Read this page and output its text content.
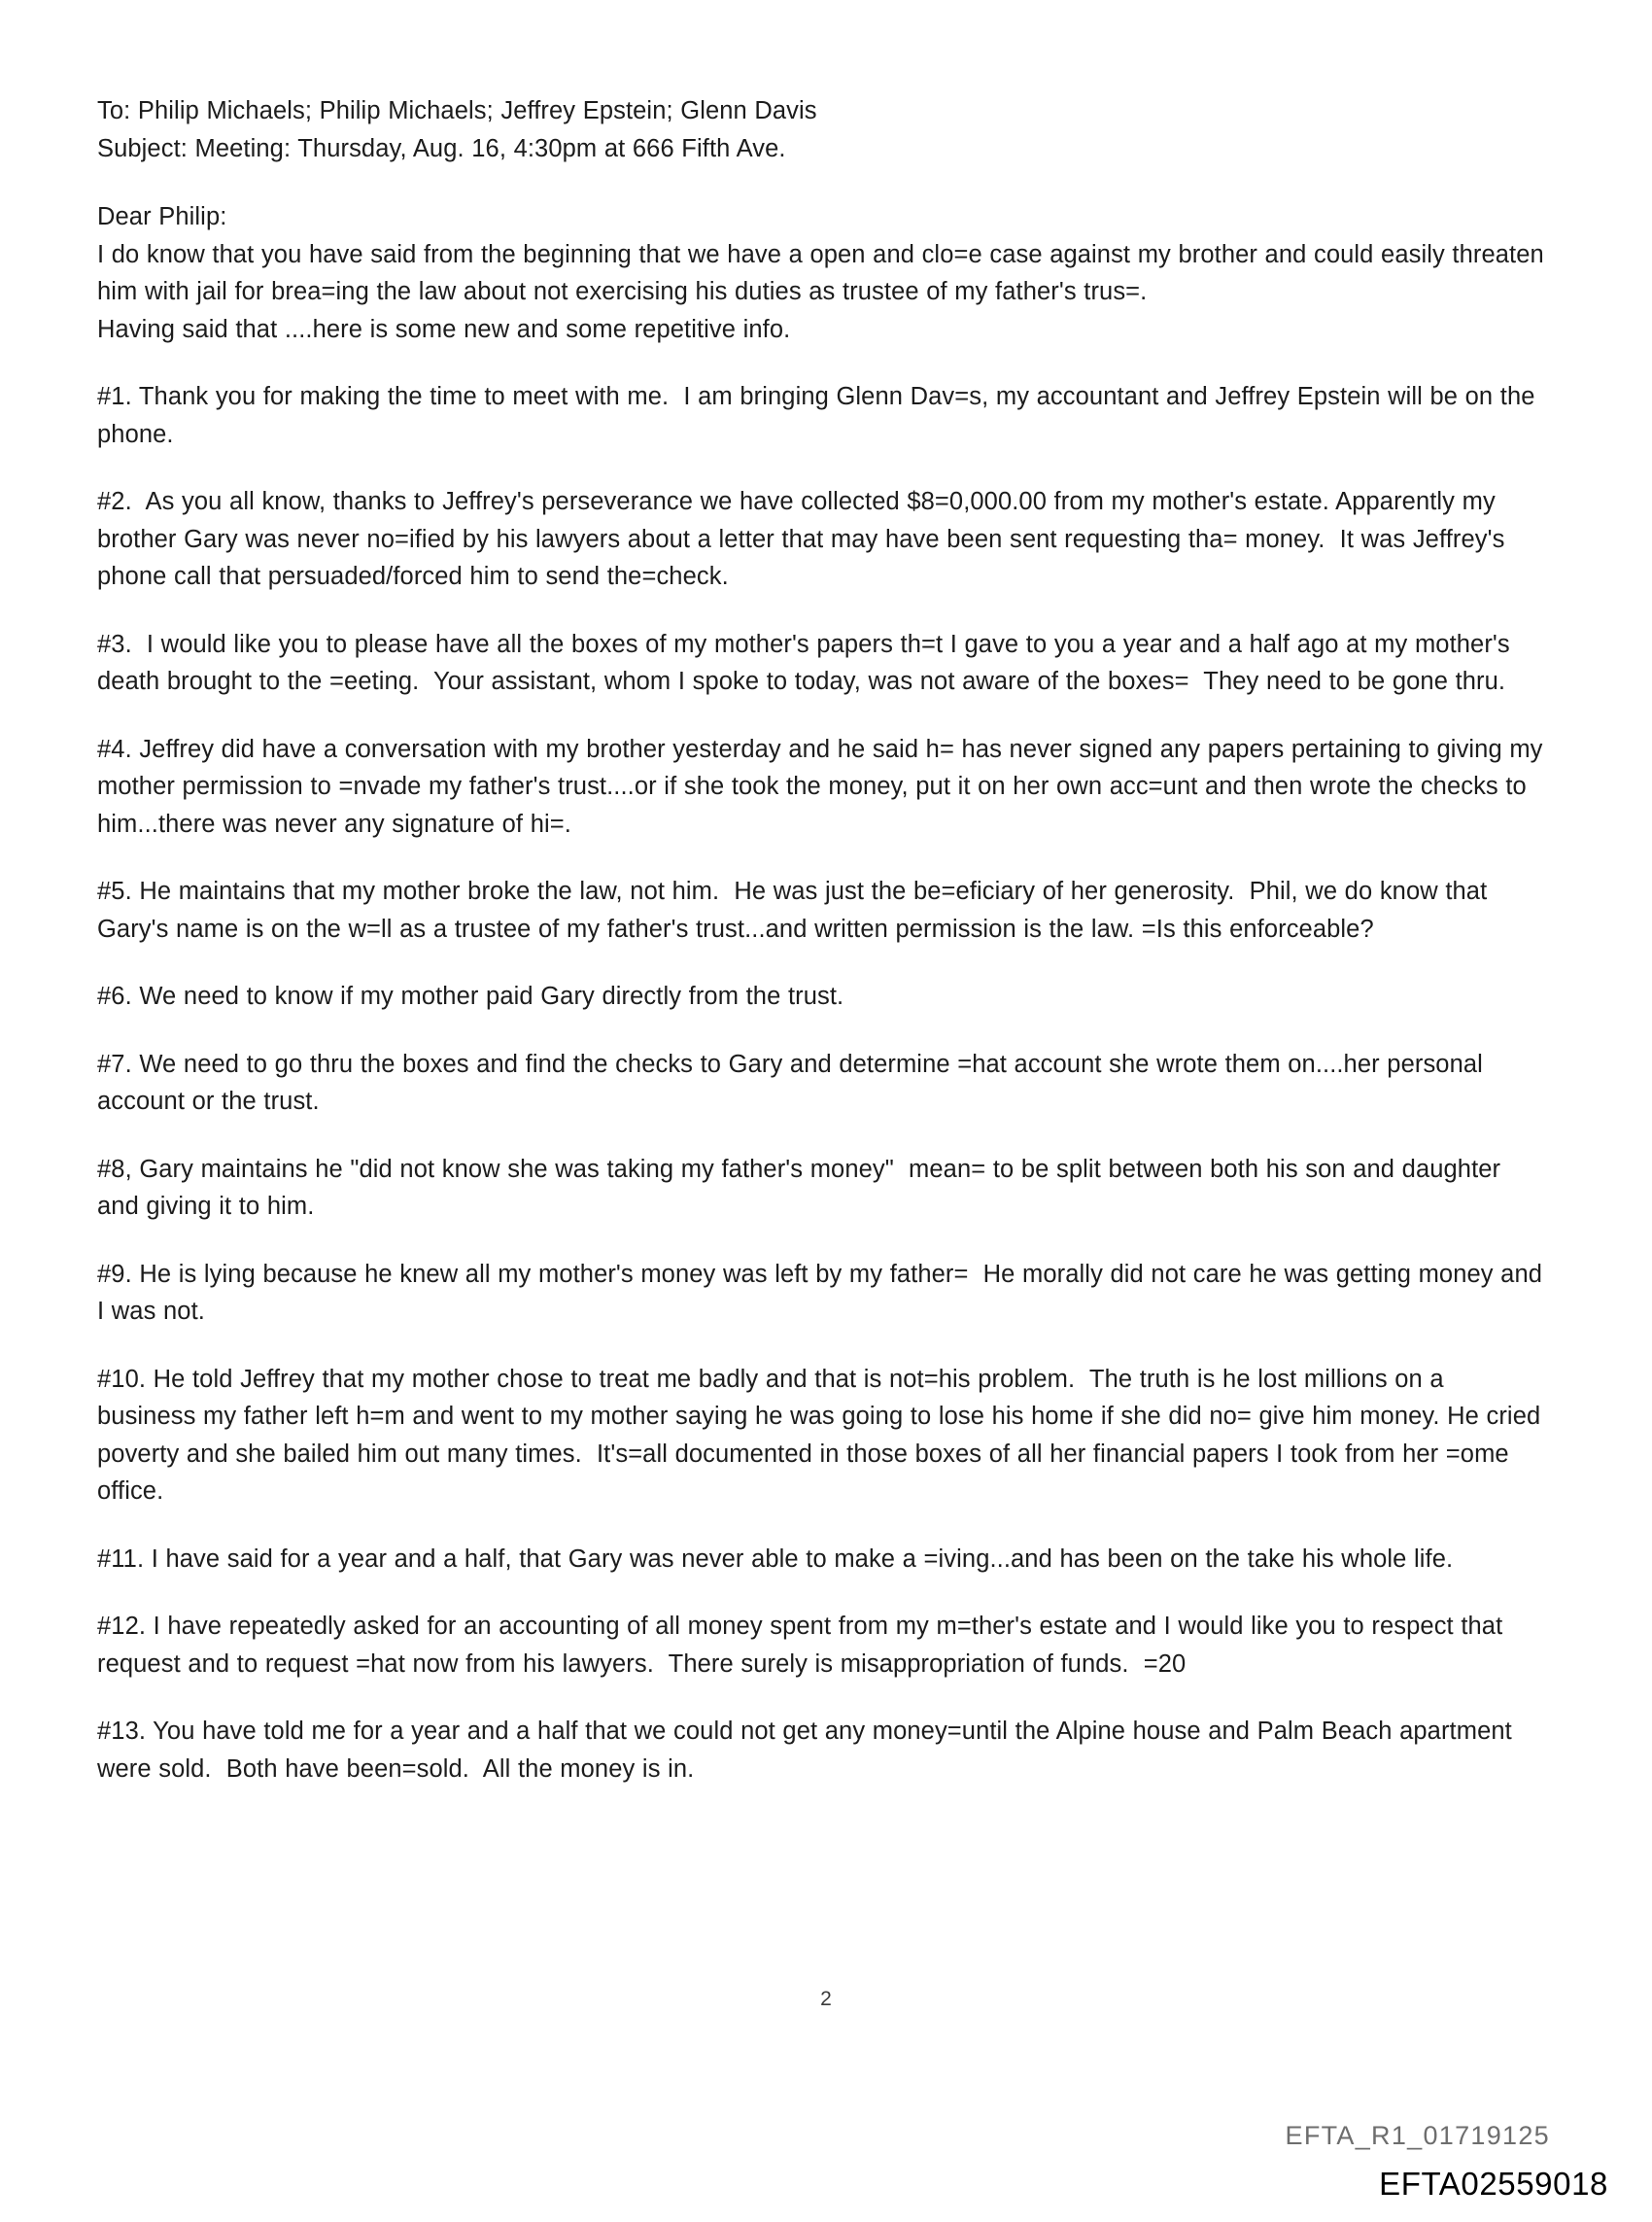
To: Philip Michaels; Philip Michaels; Jeffrey Epstein; Glenn Davis
Subject: Meeting: Thursday, Aug. 16, 4:30pm at 666 Fifth Ave.
Dear Philip:
I do know that you have said from the beginning that we have a open and clo=e case against my brother and could easily threaten him with jail for brea=ing the law about not exercising his duties as trustee of my father's trus=.
Having said that ....here is some new and some repetitive info.
#1. Thank you for making the time to meet with me.  I am bringing Glenn Dav=s, my accountant and Jeffrey Epstein will be on the phone.
#2.  As you all know, thanks to Jeffrey's perseverance we have collected $8=0,000.00 from my mother's estate. Apparently my brother Gary was never no=ified by his lawyers about a letter that may have been sent requesting tha= money.  It was Jeffrey's phone call that persuaded/forced him to send the=check.
#3.  I would like you to please have all the boxes of my mother's papers th=t I gave to you a year and a half ago at my mother's death brought to the =eeting.  Your assistant, whom I spoke to today, was not aware of the boxes=  They need to be gone thru.
#4. Jeffrey did have a conversation with my brother yesterday and he said h= has never signed any papers pertaining to giving my mother permission to =nvade my father's trust....or if she took the money, put it on her own acc=unt and then wrote the checks to him...there was never any signature of hi=.
#5. He maintains that my mother broke the law, not him.  He was just the be=eficiary of her generosity.  Phil, we do know that Gary's name is on the w=ll as a trustee of my father's trust...and written permission is the law. =Is this enforceable?
#6. We need to know if my mother paid Gary directly from the trust.
#7. We need to go thru the boxes and find the checks to Gary and determine =hat account she wrote them on....her personal account or the trust.
#8, Gary maintains he "did not know she was taking my father's money"  mean= to be split between both his son and daughter and giving it to him.
#9. He is lying because he knew all my mother's money was left by my father=  He morally did not care he was getting money and I was not.
#10. He told Jeffrey that my mother chose to treat me badly and that is not=his problem.  The truth is he lost millions on a business my father left h=m and went to my mother saying he was going to lose his home if she did no= give him money. He cried poverty and she bailed him out many times.  It's=all documented in those boxes of all her financial papers I took from her =ome office.
#11. I have said for a year and a half, that Gary was never able to make a =iving...and has been on the take his whole life.
#12. I have repeatedly asked for an accounting of all money spent from my m=ther's estate and I would like you to respect that request and to request =hat now from his lawyers.  There surely is misappropriation of funds.  =20
#13. You have told me for a year and a half that we could not get any money=until the Alpine house and Palm Beach apartment were sold.  Both have been=sold.  All the money is in.
2
EFTA_R1_01719125
EFTA02559018
